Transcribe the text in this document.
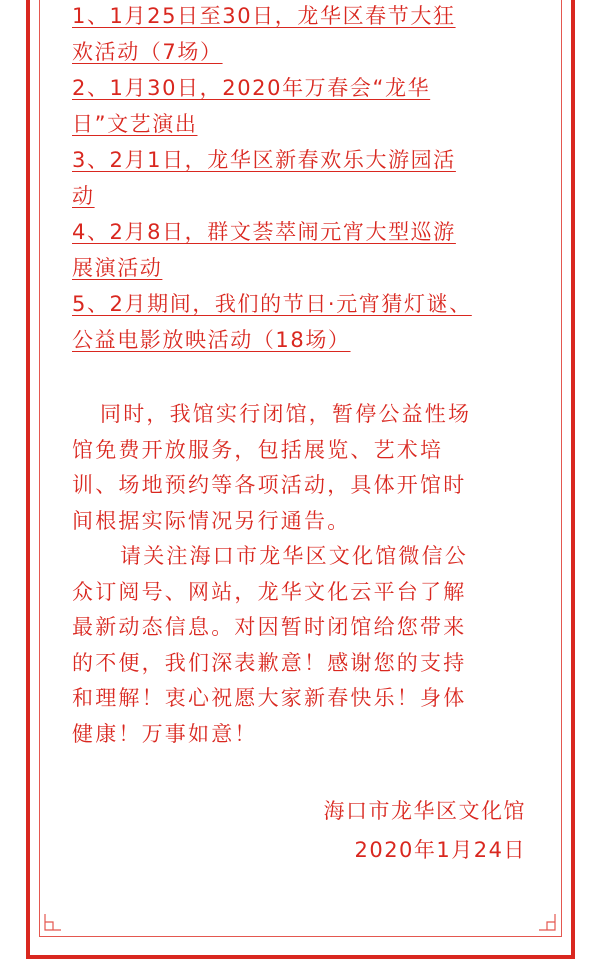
1、1月25日至30日，龙华区春节大狂
欢活动（7场）
2、1月30日，2020年万春会“龙华
日”文艺演出
3、2月1日，龙华区新春欢乐大游园活
动
4、2月8日，群文荟萃闹元宵大型巡游
展演活动
5、2月期间，我们的节日·元宵猜灯谜、
公益电影放映活动（18场）
同时，我馆实行闭馆，暂停公益性场
馆免费开放服务，包括展览、艺术培
训、场地预约等各项活动，具体开馆时
间根据实际情况另行通告。
请关注海口市龙华区文化馆微信公
众订阅号、网站，龙华文化云平台了解
最新动态信息。对因暂时闭馆给您带来
的不便，我们深表歉意！感谢您的支持
和理解！衷心祝愿大家新春快乐！身体
健康！万事如意！
海口市龙华区文化馆
2020年1月24日
